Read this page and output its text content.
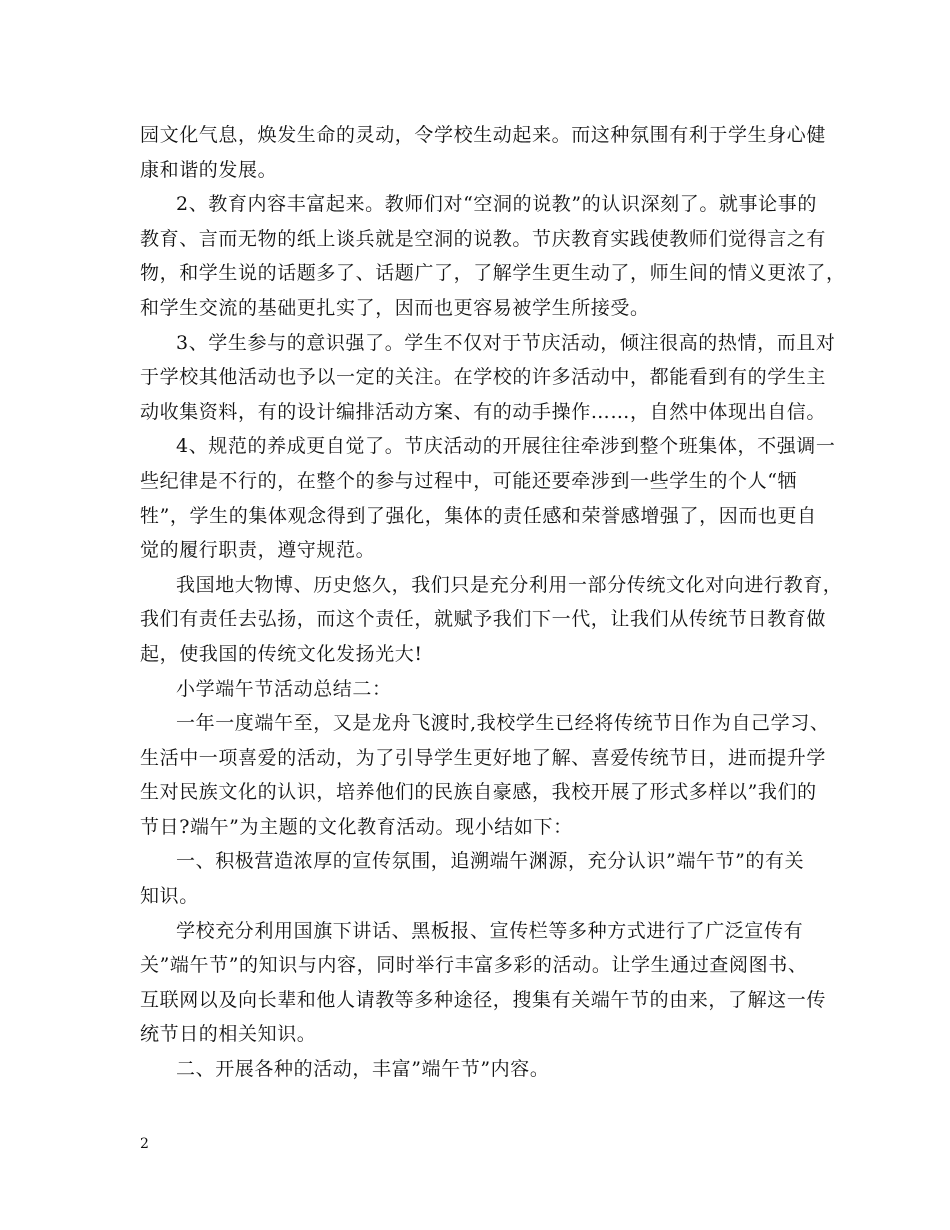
园文化气息，焕发生命的灵动，令学校生动起来。而这种氛围有利于学生身心健
康和谐的发展。
2、教育内容丰富起来。教师们对“空洞的说教”的认识深刻了。就事论事的
教育、言而无物的纸上谈兵就是空洞的说教。节庆教育实践使教师们觉得言之有
物，和学生说的话题多了、话题广了，了解学生更生动了，师生间的情义更浓了，
和学生交流的基础更扎实了，因而也更容易被学生所接受。
3、学生参与的意识强了。学生不仅对于节庆活动，倾注很高的热情，而且对
于学校其他活动也予以一定的关注。在学校的许多活动中，都能看到有的学生主
动收集资料，有的设计编排活动方案、有的动手操作……，自然中体现出自信。
4、规范的养成更自觉了。节庆活动的开展往往牵涉到整个班集体，不强调一
些纪律是不行的，在整个的参与过程中，可能还要牵涉到一些学生的个人“牺
牲”，学生的集体观念得到了强化，集体的责任感和荣誉感增强了，因而也更自
觉的履行职责，遵守规范。
我国地大物博、历史悠久，我们只是充分利用一部分传统文化对向进行教育，
我们有责任去弘扬，而这个责任，就赋予我们下一代，让我们从传统节日教育做
起，使我国的传统文化发扬光大!
小学端午节活动总结二：
一年一度端午至，又是龙舟飞渡时,我校学生已经将传统节日作为自己学习、
生活中一项喜爱的活动，为了引导学生更好地了解、喜爱传统节日，进而提升学
生对民族文化的认识，培养他们的民族自豪感，我校开展了形式多样以”我们的
节日?端午”为主题的文化教育活动。现小结如下：
一、积极营造浓厚的宣传氛围，追溯端午渊源，充分认识”端午节”的有关
知识。
学校充分利用国旗下讲话、黑板报、宣传栏等多种方式进行了广泛宣传有
关”端午节”的知识与内容，同时举行丰富多彩的活动。让学生通过查阅图书、
互联网以及向长辈和他人请教等多种途径，搜集有关端午节的由来，了解这一传
统节日的相关知识。
二、开展各种的活动，丰富”端午节”内容。
2
